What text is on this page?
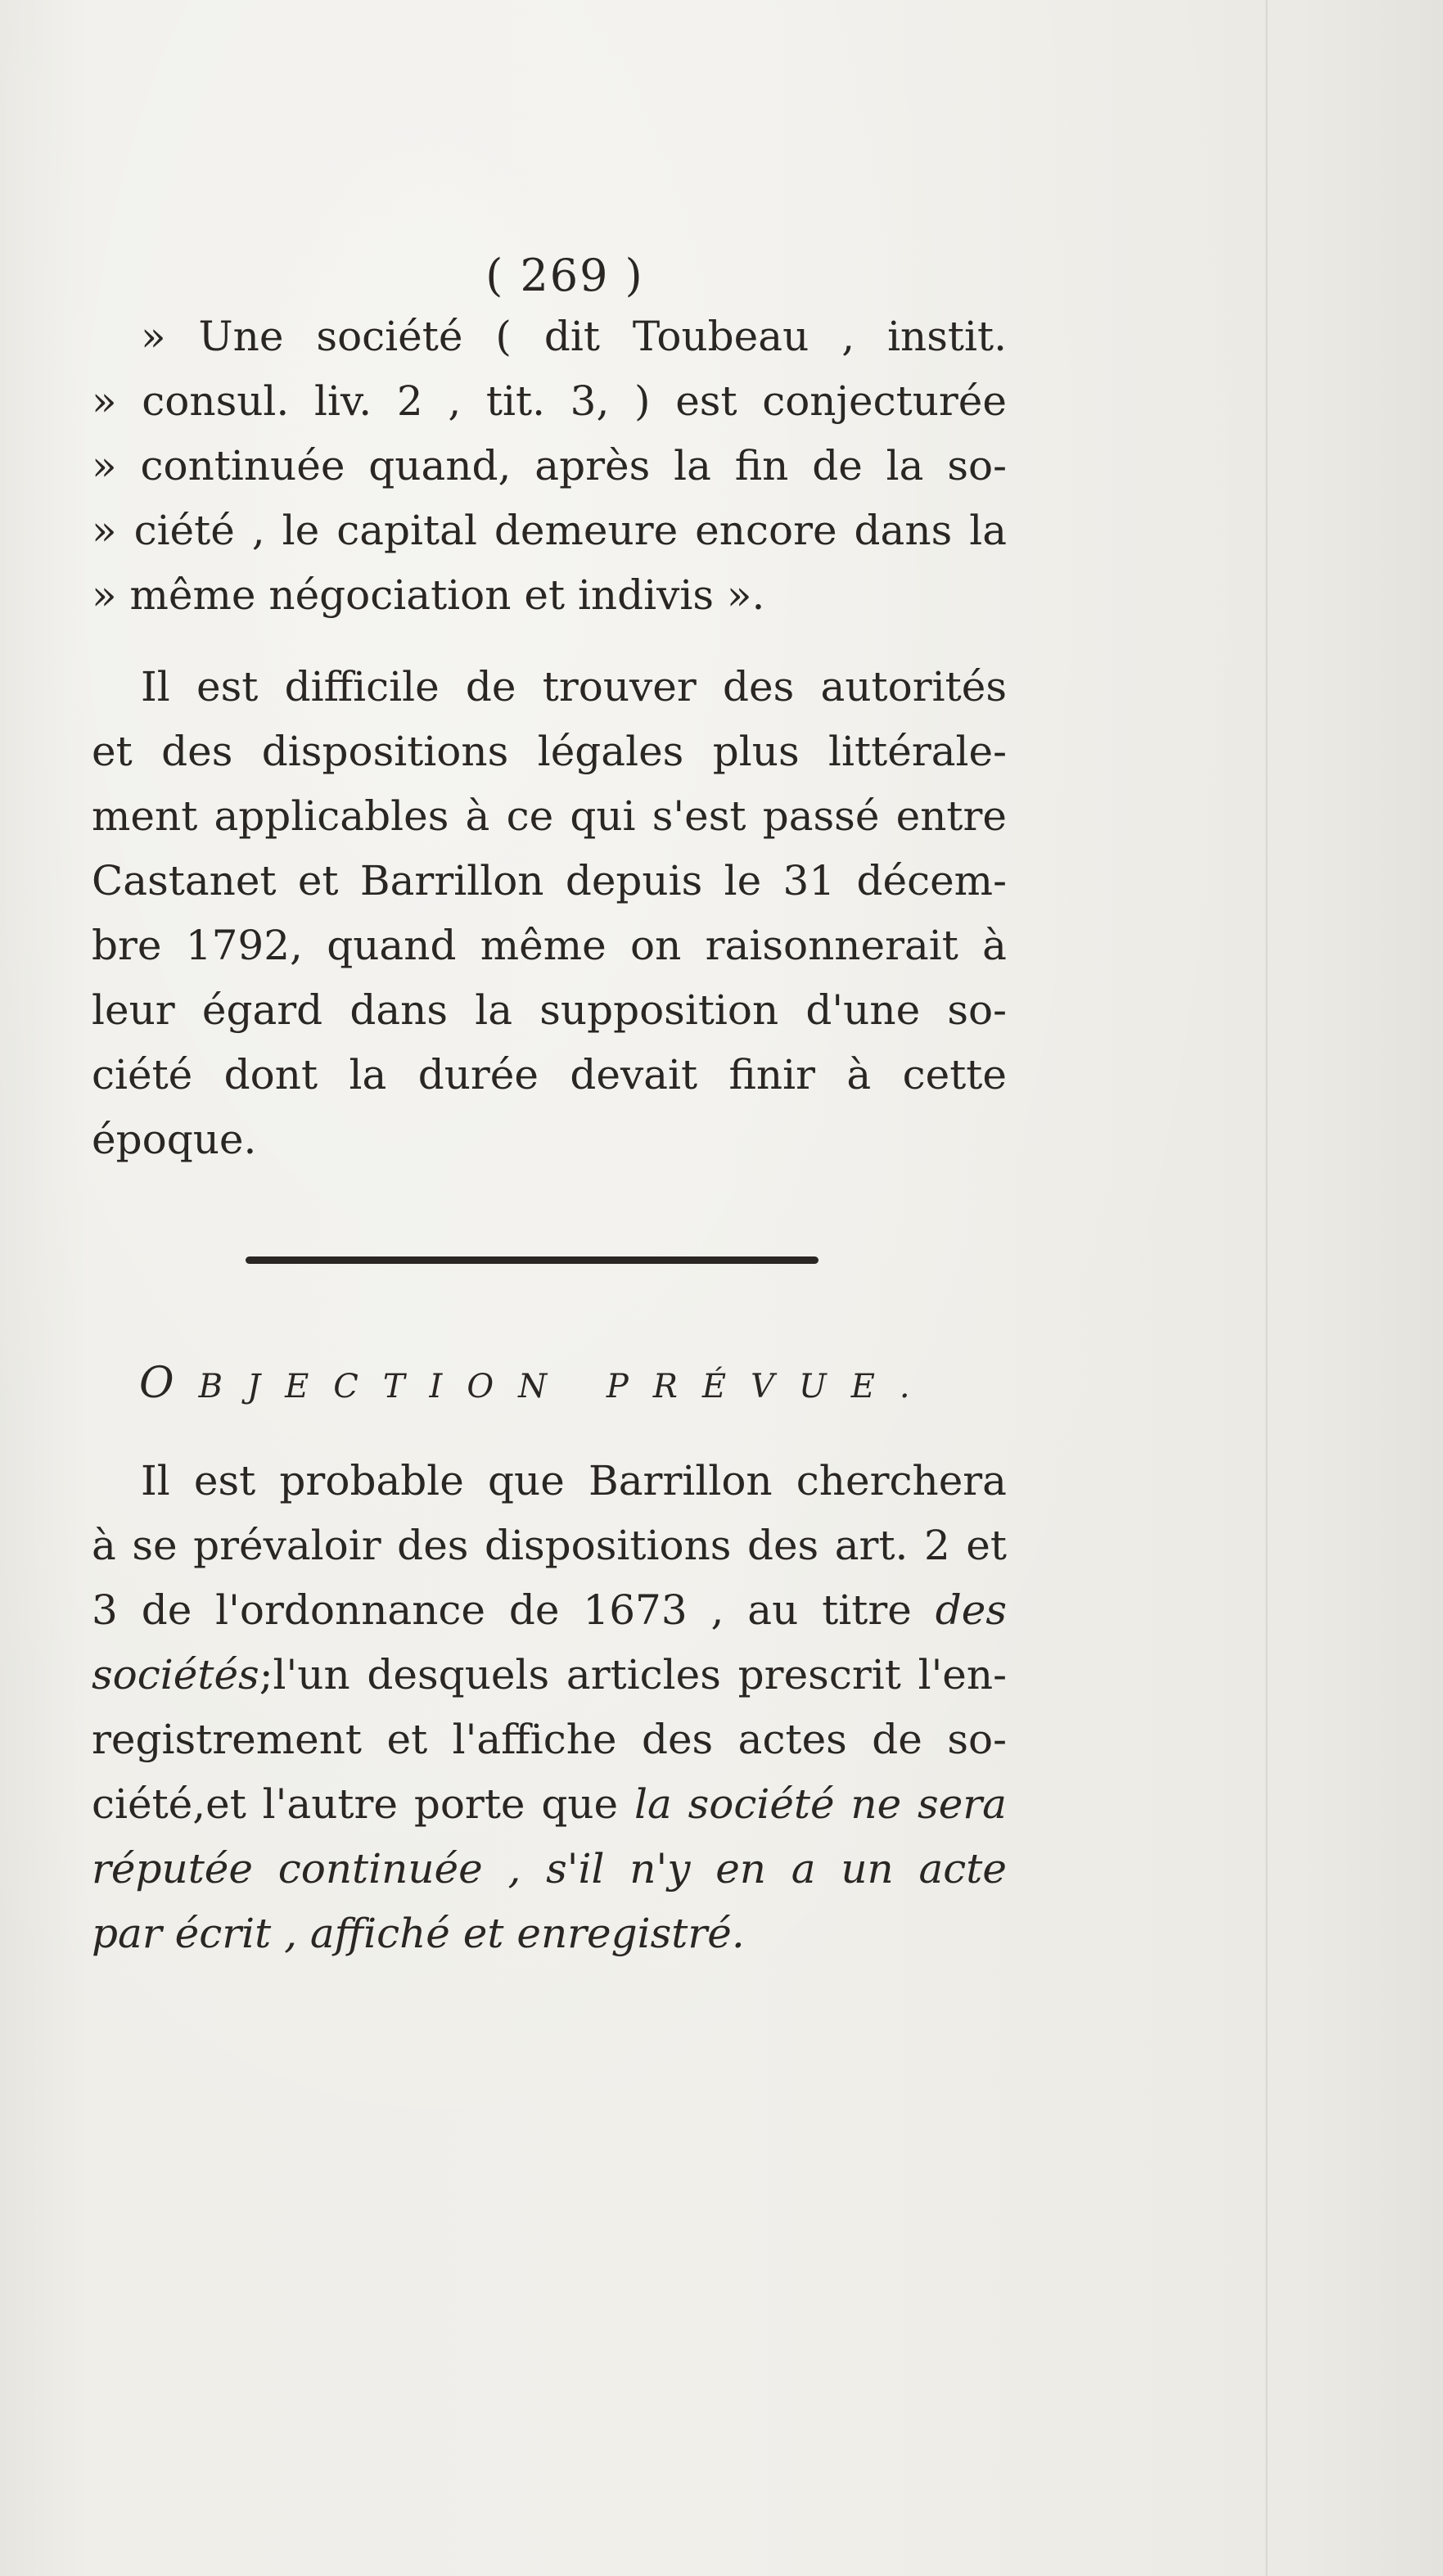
( 269 )
» Une société ( dit Toubeau , instit.
» consul. liv. 2 , tit. 3, ) est conjecturée
» continuée quand, après la fin de la so-
» ciété , le capital demeure encore dans la
» même négociation et indivis ».
Il est difficile de trouver des autorités
et des dispositions légales plus littérale-
ment applicables à ce qui s'est passé entre
Castanet et Barrillon depuis le 31 décem-
bre 1792, quand même on raisonnerait à
leur égard dans la supposition d'une so-
ciété dont la durée devait finir à cette
époque.
OBJECTION PRÉVUE.
Il est probable que Barrillon cherchera
à se prévaloir des dispositions des art. 2 et
3 de l'ordonnance de 1673 , au titre des
sociétés;l'un desquels articles prescrit l'en-
registrement et l'affiche des actes de so-
ciété,et l'autre porte que la société ne sera
réputée continuée , s'il n'y en a un acte
par écrit , affiché et enregistré.
